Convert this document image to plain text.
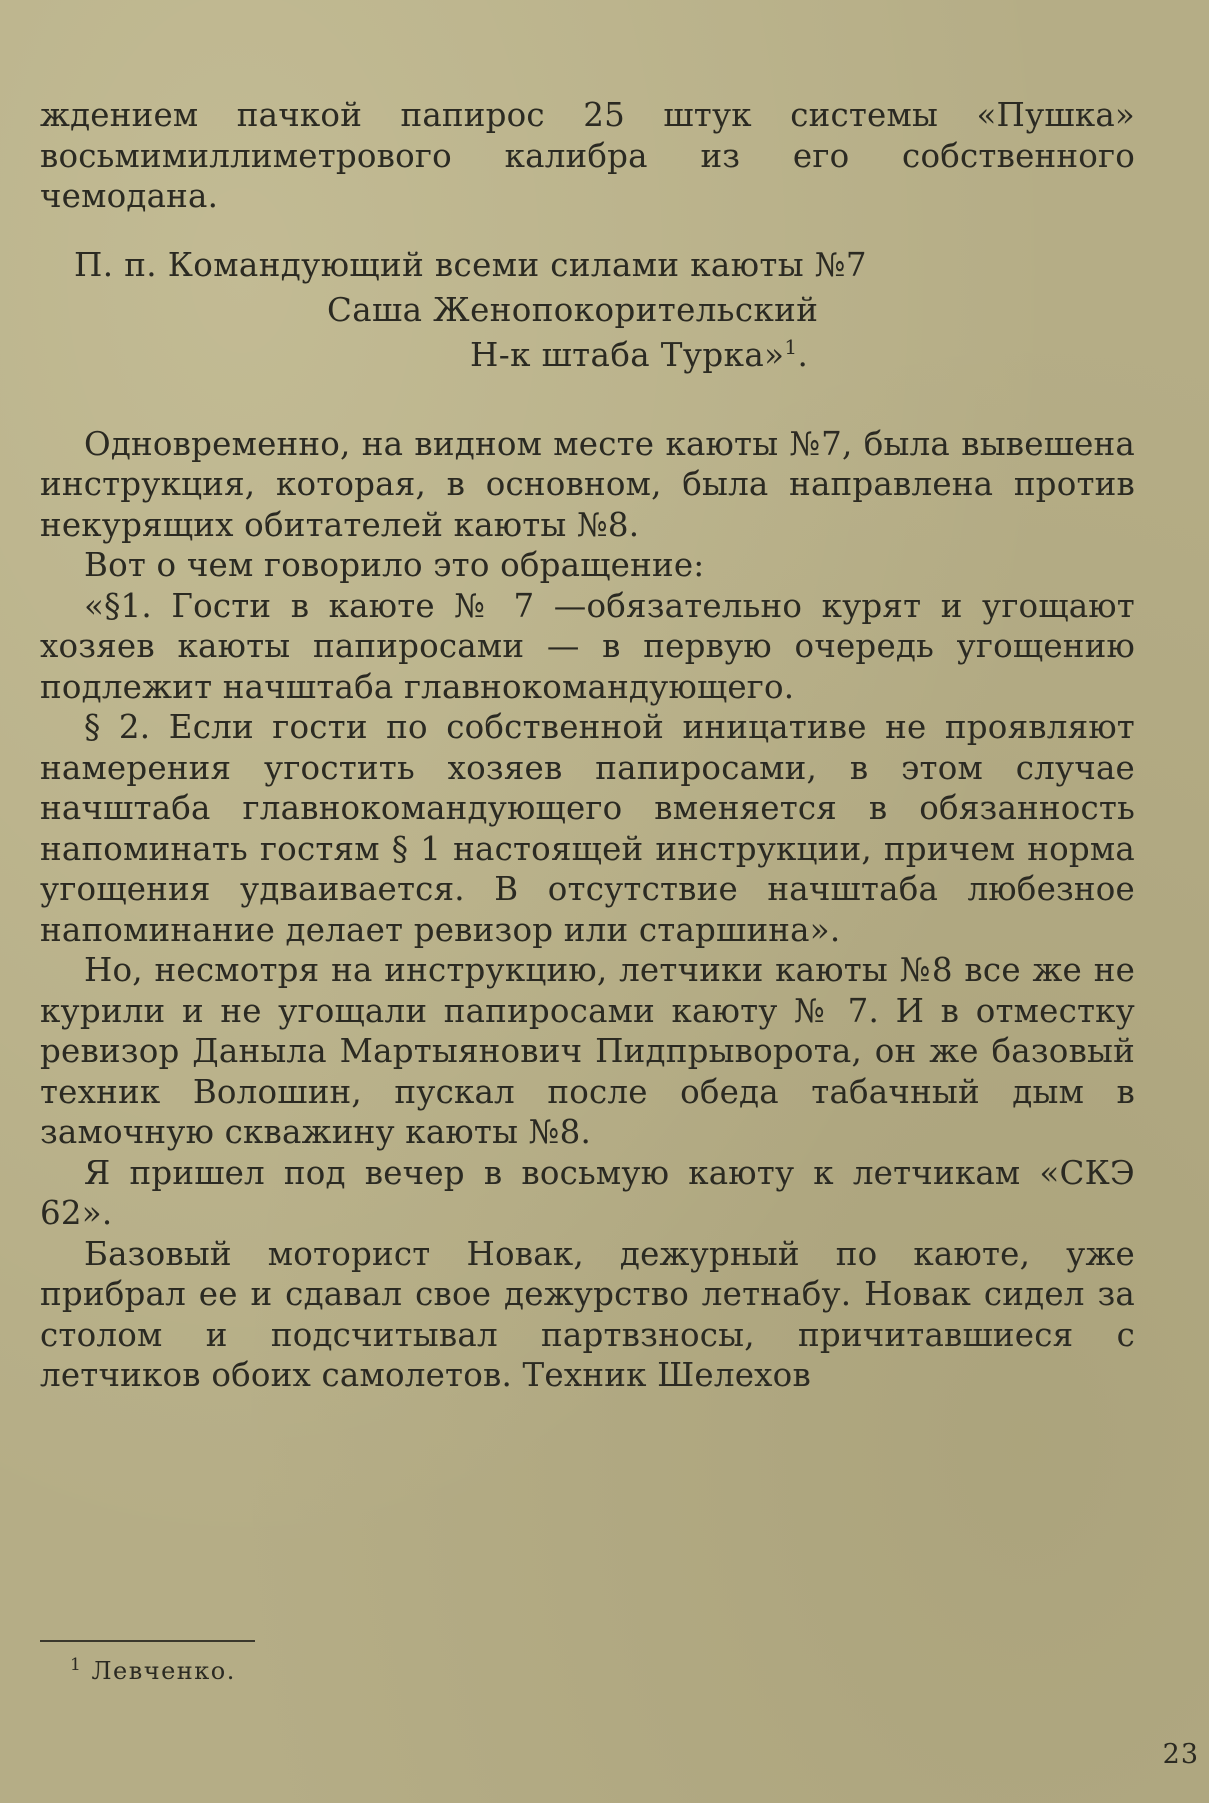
ждением пачкой папирос 25 штук системы «Пушка» восьмимиллиметрового калибра из его собственного чемодана.

П. п. Командующий всеми силами каюты №7

Саша Женопокорительский

Н-к штаба Турка»$^1$.

Одновременно, на видном месте каюты №7, была вывешена инструкция, которая, в основном, была направлена против некурящих обитателей каюты №8.

Вот о чем говорило это обращение:

«§1. Гости в каюте № 7 —обязательно курят и угощают хозяев каюты папиросами — в первую очередь угощению подлежит начштаба главнокомандующего.

§ 2. Если гости по собственной иницативе не проявляют намерения угостить хозяев папиросами, в этом случае начштаба главнокомандующего вменяется в обязанность напоминать гостям § 1 настоящей инструкции, причем норма угощения удваивается. В отсутствие начштаба любезное напоминание делает ревизор или старшина».

Но, несмотря на инструкцию, летчики каюты №8 все же не курили и не угощали папиросами каюту № 7. И в отместку ревизор Даныла Мартыянович Пидпрыворота, он же базовый техник Волошин, пускал после обеда табачный дым в замочную скважину каюты №8.

Я пришел под вечер в восьмую каюту к летчикам «СКЭ 62».

Базовый моторист Новак, дежурный по каюте, уже прибрал ее и сдавал свое дежурство летнабу. Новак сидел за столом и подсчитывал партвзносы, причитавшиеся с летчиков обоих самолетов. Техник Шелехов

$^1$ Левченко.

23
